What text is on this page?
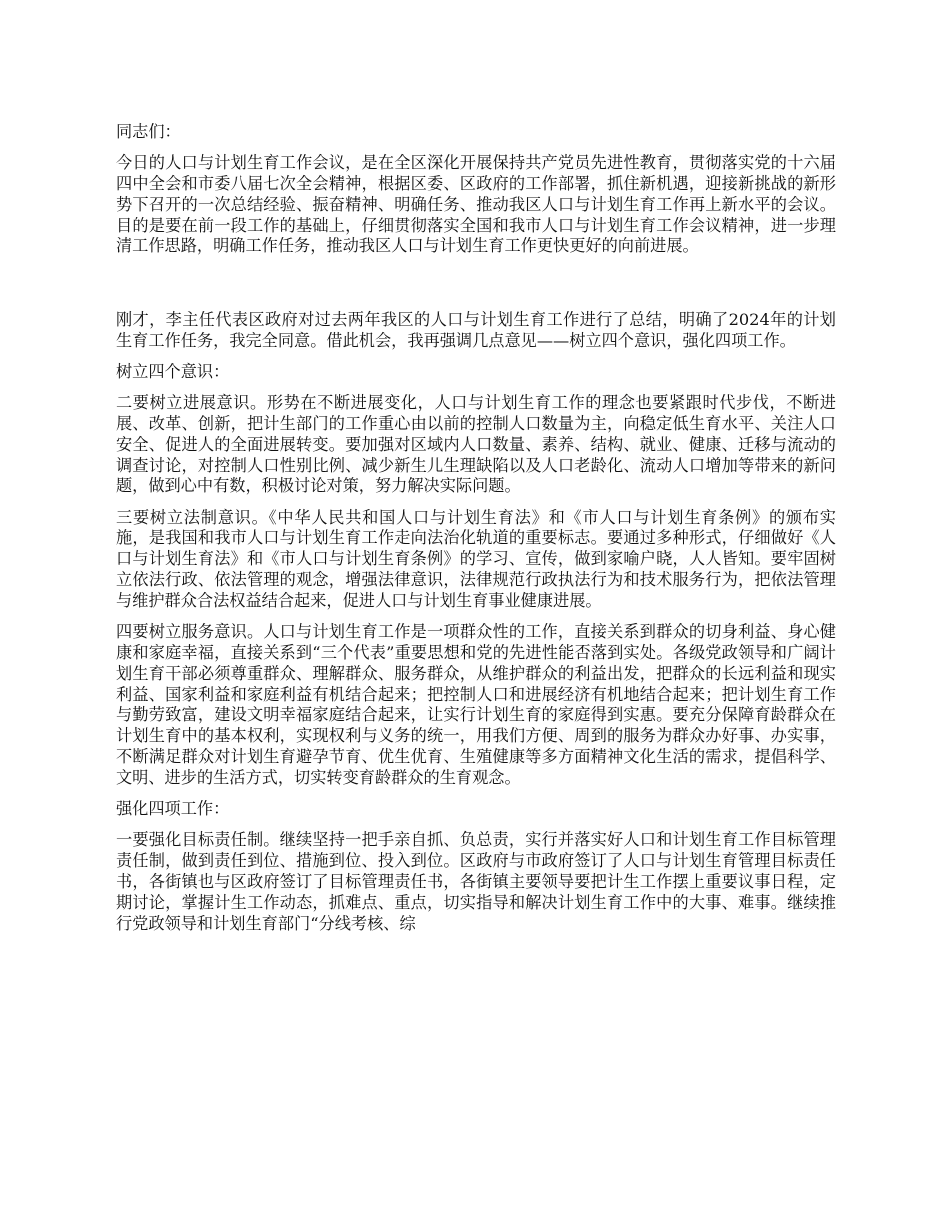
同志们：

今日的人口与计划生育工作会议，是在全区深化开展保持共产党员先进性教育，贯彻落实党的十六届四中全会和市委八届七次全会精神，根据区委、区政府的工作部署，抓住新机遇，迎接新挑战的新形势下召开的一次总结经验、振奋精神、明确任务、推动我区人口与计划生育工作再上新水平的会议。目的是要在前一段工作的基础上，仔细贯彻落实全国和我市人口与计划生育工作会议精神，进一步理清工作思路，明确工作任务，推动我区人口与计划生育工作更快更好的向前进展。

刚才，李主任代表区政府对过去两年我区的人口与计划生育工作进行了总结，明确了2024年的计划生育工作任务，我完全同意。借此机会，我再强调几点意见——树立四个意识，强化四项工作。

树立四个意识：

二要树立进展意识。形势在不断进展变化，人口与计划生育工作的理念也要紧跟时代步伐，不断进展、改革、创新，把计生部门的工作重心由以前的控制人口数量为主，向稳定低生育水平、关注人口安全、促进人的全面进展转变。要加强对区域内人口数量、素养、结构、就业、健康、迁移与流动的调查讨论，对控制人口性别比例、减少新生儿生理缺陷以及人口老龄化、流动人口增加等带来的新问题，做到心中有数，积极讨论对策，努力解决实际问题。

三要树立法制意识。《中华人民共和国人口与计划生育法》和《市人口与计划生育条例》的颁布实施，是我国和我市人口与计划生育工作走向法治化轨道的重要标志。要通过多种形式，仔细做好《人口与计划生育法》和《市人口与计划生育条例》的学习、宣传，做到家喻户晓，人人皆知。要牢固树立依法行政、依法管理的观念，增强法律意识，法律规范行政执法行为和技术服务行为，把依法管理与维护群众合法权益结合起来，促进人口与计划生育事业健康进展。

四要树立服务意识。人口与计划生育工作是一项群众性的工作，直接关系到群众的切身利益、身心健康和家庭幸福，直接关系到“三个代表”重要思想和党的先进性能否落到实处。各级党政领导和广阔计划生育干部必须尊重群众、理解群众、服务群众，从维护群众的利益出发，把群众的长远利益和现实利益、国家利益和家庭利益有机结合起来；把控制人口和进展经济有机地结合起来；把计划生育工作与勤劳致富，建设文明幸福家庭结合起来，让实行计划生育的家庭得到实惠。要充分保障育龄群众在计划生育中的基本权利，实现权利与义务的统一，用我们方便、周到的服务为群众办好事、办实事，不断满足群众对计划生育避孕节育、优生优育、生殖健康等多方面精神文化生活的需求，提倡科学、文明、进步的生活方式，切实转变育龄群众的生育观念。

强化四项工作：

一要强化目标责任制。继续坚持一把手亲自抓、负总责，实行并落实好人口和计划生育工作目标管理责任制，做到责任到位、措施到位、投入到位。区政府与市政府签订了人口与计划生育管理目标责任书，各街镇也与区政府签订了目标管理责任书，各街镇主要领导要把计生工作摆上重要议事日程，定期讨论，掌握计生工作动态，抓难点、重点，切实指导和解决计划生育工作中的大事、难事。继续推行党政领导和计划生育部门“分线考核、综
